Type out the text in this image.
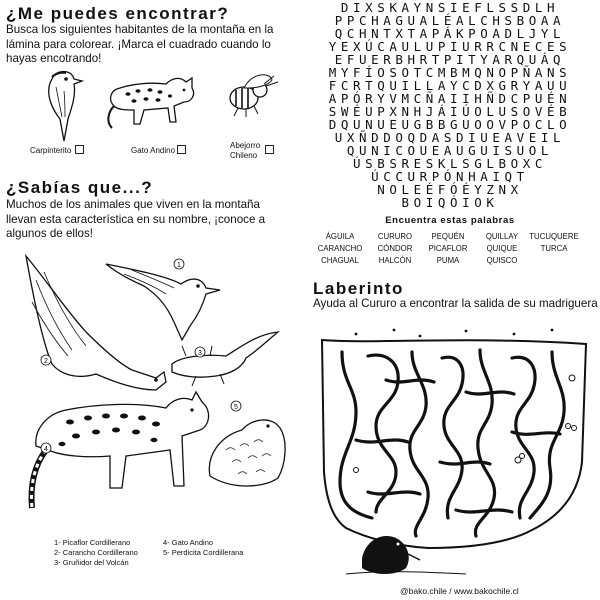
¿Me puedes encontrar?
Busca los siguientes habitantes de la montaña en la lámina para colorear. ¡Marca el cuadrado cuando lo hayas encotrando!
Carpinterito	Gato Andino
Abejorro Chileno
¿Sabías que...?
Muchos de los animales que viven en la montaña llevan esta característica en su nombre, ¡conoce a algunos de ellos!
1
2
3
4
5
1- Picaflor Cordillerano
2- Carancho Cordillerano
3- Gruñidor del Volcán
4- Gato Andino
5- Perdicita Cordillerana
DIXSKAYNSIEFLSSDLH
PPCHAGUALÉALCHSBOAA
QCHNTXTAPÁKPOADLJYL
YEXÚCAULUPIURRCNECES
EFUERBHRTPITYARQUÁQ
MYFÍOSOTCMBMQNOPÑANS
FCRTQUILLAYCDXGRYAUU
APÓRYVMCÑAIIHÑDCPUÉN
SWÉUPXNHJÁIÚOLUSOVÉB
DQUNUEUGBBGUOOVPOCLO
UXÑDDOQDASDIUEAVEIL
QUNICOUEAUGUISUOL
ÚSBSRESKLSGLBOXC
ÚCCURPÓNHAIQT
NOLEÉFÓÉYZNX
BOIQÓIOK
Encuentra estas palabras
ÁGUILA	CURURO	PEQUÉN	QUILLAY	TUCUQUERE
CARANCHO	CÓNDOR	PICAFLOR	QUIQUE	TURCA
CHAGUAL	HALCÓN	PUMA	QUISCO
Laberinto
Ayuda al Cururo a encontrar la salida de su madriguera
@bako.chile / www.bakochile.cl
